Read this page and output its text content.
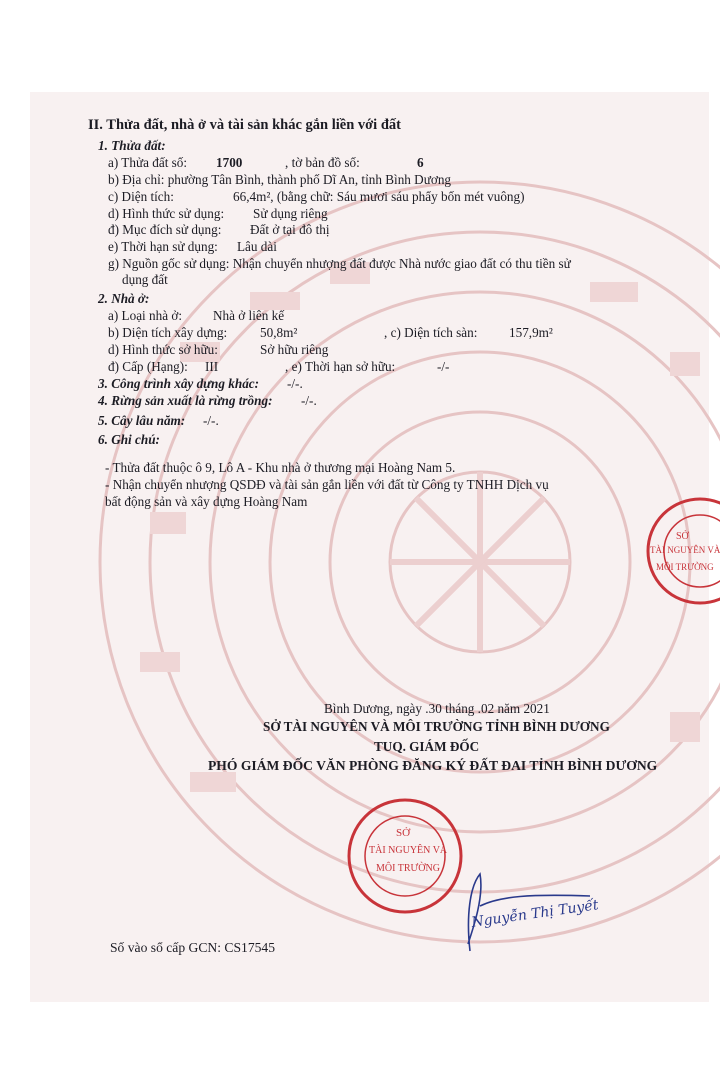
II. Thửa đất, nhà ở và tài sản khác gắn liền với đất
1. Thửa đất:
a) Thửa đất số: 1700	, tờ bản đồ số:	6
b) Địa chỉ: phường Tân Bình, thành phố Dĩ An, tỉnh Bình Dương
c) Diện tích:	66,4m², (bằng chữ: Sáu mươi sáu phẩy bốn mét vuông)
d) Hình thức sử dụng: Sử dụng riêng
đ) Mục đích sử dụng: Đất ở tại đô thị
e) Thời hạn sử dụng: Lâu dài
g) Nguồn gốc sử dụng: Nhận chuyển nhượng đất được Nhà nước giao đất có thu tiền sử
dụng đất
2. Nhà ở:
a) Loại nhà ở: Nhà ở liên kế
b) Diện tích xây dựng: 50,8m²	, c) Diện tích sàn: 157,9m²
d) Hình thức sở hữu:	Sở hữu riêng
đ) Cấp (Hạng): III	, e) Thời hạn sở hữu:	-/-
3. Công trình xây dựng khác: -/-.
4. Rừng sản xuất là rừng trồng: -/-.
5. Cây lâu năm: -/-.
6. Ghi chú:
- Thửa đất thuộc ô 9, Lô A - Khu nhà ở thương mại Hoàng Nam 5.
- Nhận chuyển nhượng QSDĐ và tài sản gắn liền với đất từ Công ty TNHH Dịch vụ
bất động sản và xây dựng Hoàng Nam
SỞ
TÀI NGUYÊN VÀ
MÔI TRƯỜNG
Bình Dương, ngày .30 tháng .02 năm 2021
SỞ TÀI NGUYÊN VÀ MÔI TRƯỜNG TỈNH BÌNH DƯƠNG
TUQ. GIÁM ĐỐC
PHÓ GIÁM ĐỐC VĂN PHÒNG ĐĂNG KÝ ĐẤT ĐAI TỈNH BÌNH DƯƠNG
SỞ
TÀI NGUYÊN VÀ
MÔI TRƯỜNG
Nguyễn Thị Tuyết
Số vào sổ cấp GCN: CS17545
